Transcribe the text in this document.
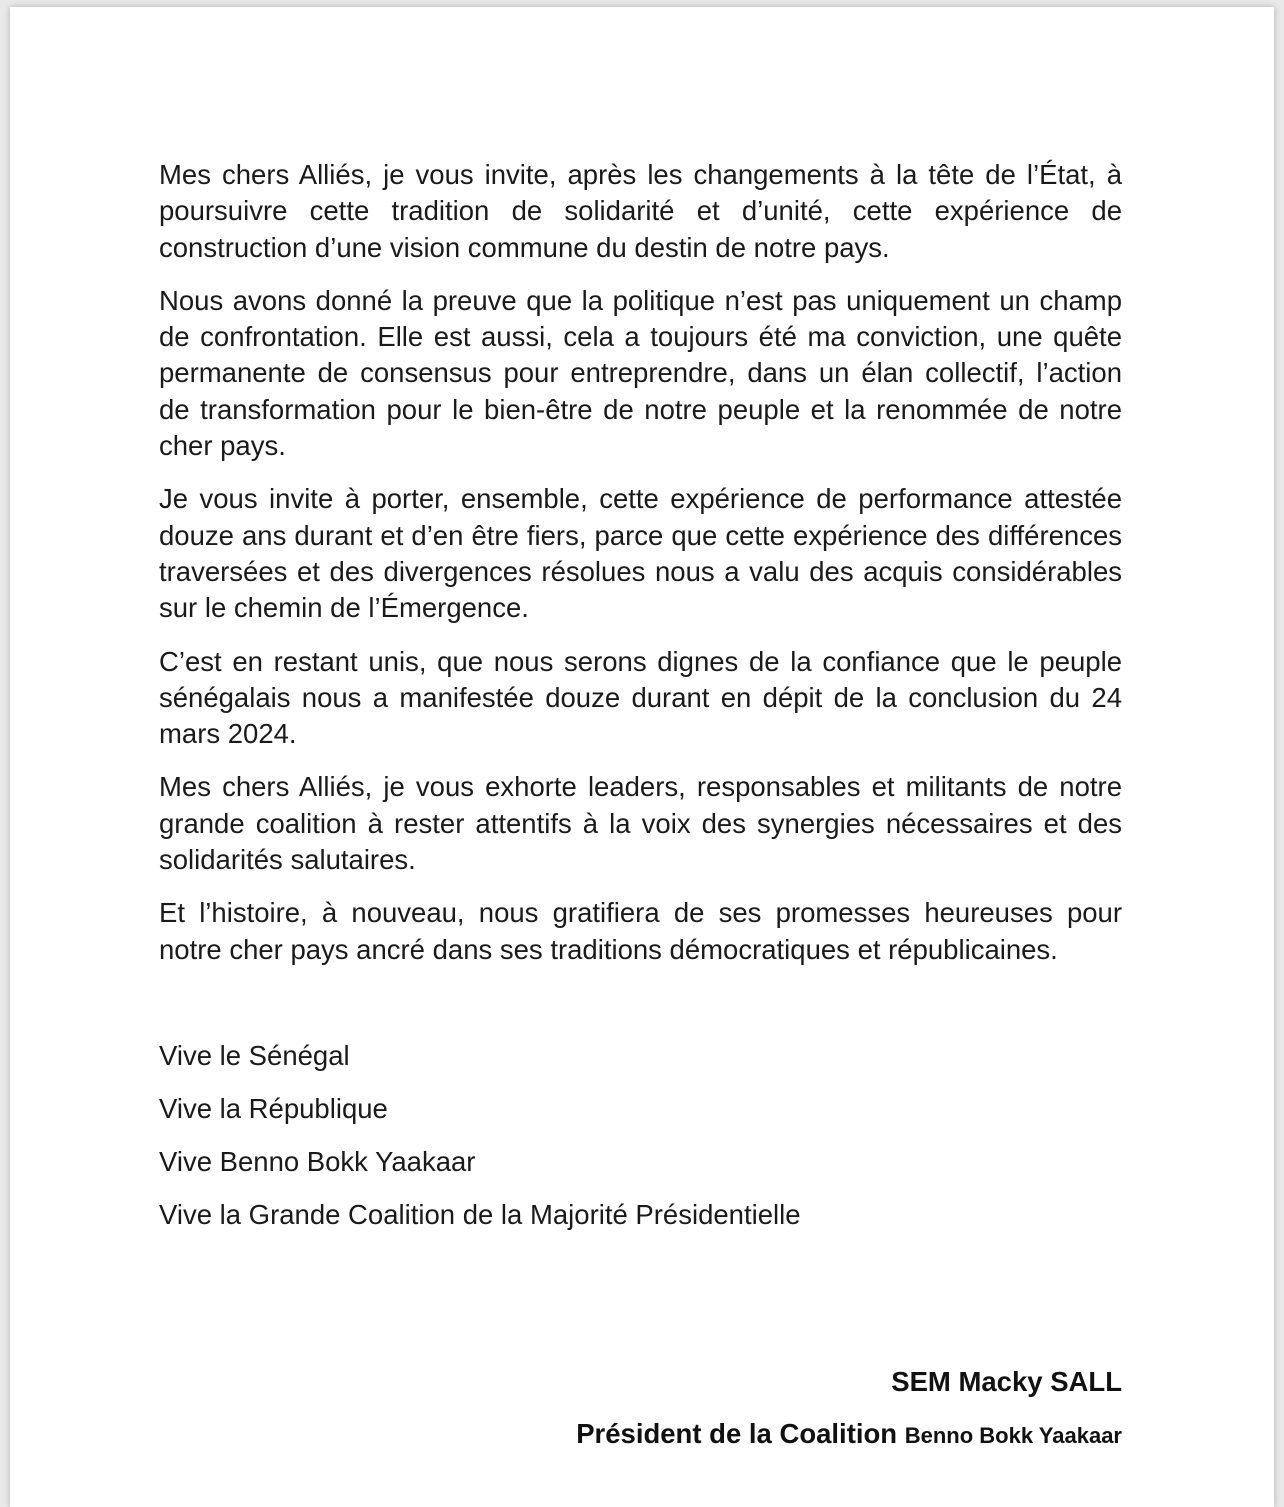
Mes chers Alliés, je vous invite, après les changements à la tête de l’État, à poursuivre cette tradition de solidarité et d’unité, cette expérience de construction d’une vision commune du destin de notre pays.

Nous avons donné la preuve que la politique n’est pas uniquement un champ de confrontation. Elle est aussi, cela a toujours été ma conviction, une quête permanente de consensus pour entreprendre, dans un élan collectif, l’action de transformation pour le bien-être de notre peuple et la renommée de notre cher pays.

Je vous invite à porter, ensemble, cette expérience de performance attestée douze ans durant et d’en être fiers, parce que cette expérience des différences traversées et des divergences résolues nous a valu des acquis considérables sur le chemin de l’Émergence.

C’est en restant unis, que nous serons dignes de la confiance que le peuple sénégalais nous a manifestée douze durant en dépit de la conclusion du 24 mars 2024.

Mes chers Alliés, je vous exhorte leaders, responsables et militants de notre grande coalition à rester attentifs à la voix des synergies nécessaires et des solidarités salutaires.

Et l’histoire, à nouveau, nous gratifiera de ses promesses heureuses pour notre cher pays ancré dans ses traditions démocratiques et républicaines.

Vive le Sénégal
Vive la République
Vive Benno Bokk Yaakaar
Vive la Grande Coalition de la Majorité Présidentielle
SEM Macky SALL
Président de la Coalition Benno Bokk Yaakaar
